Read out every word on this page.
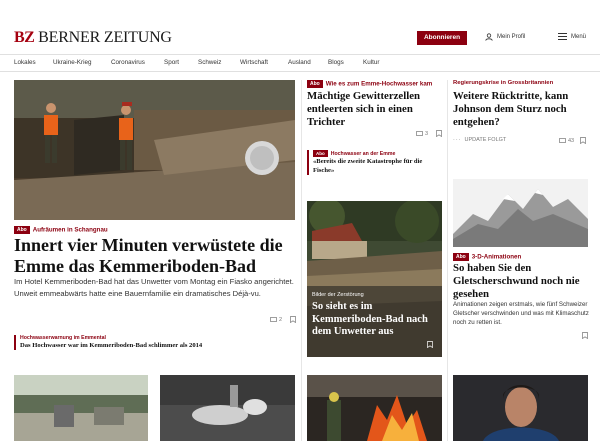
BZ BERNER ZEITUNG	Abonnieren	Mein Profil	Menü
Lokales	Ukraine-Krieg	Coronavirus	Sport	Schweiz	Wirtschaft	Ausland	Blogs	Kultur
Abo Aufräumen in Schangnau
Innert vier Minuten verwüstete die Emme das Kemmeriboden-Bad
Im Hotel Kemmeriboden-Bad hat das Unwetter vom Montag ein Fiasko angerichtet. Unweit emmeabwärts hatte eine Bauernfamilie ein dramatisches Déjà-vu.
2
Hochwasserwarnung im Emmental
Das Hochwasser war im Kemmeriboden-Bad schlimmer als 2014
Abo Wie es zum Emme-Hochwasser kam
Mächtige Gewitterzellen entleerten sich in einen Trichter
3
Abo Hochwasser an der Emme
«Bereits die zweite Katastrophe für die Fische»
Bilder der Zerstörung
So sieht es im Kemmeriboden-Bad nach dem Unwetter aus
Regierungskrise in Grossbritannien
Weitere Rücktritte, kann Johnson dem Sturz noch entgehen?
··· UPDATE FOLGT	43
Abo 3-D-Animationen
So haben Sie den Gletscherschwund noch nie gesehen
Animationen zeigen erstmals, wie fünf Schweizer Gletscher verschwinden und was mit Klimaschutz noch zu retten ist.
